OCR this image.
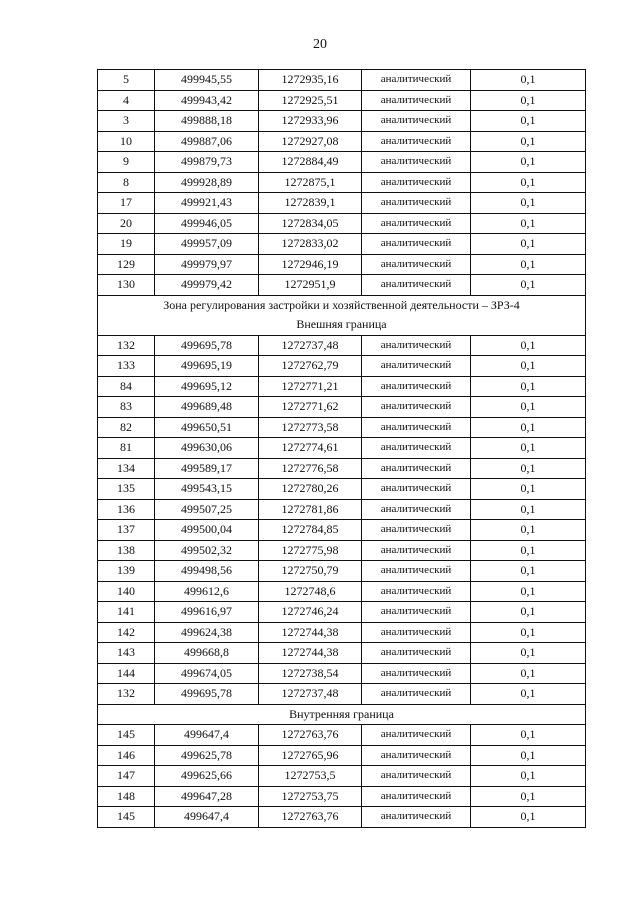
20
5	499945,55	1272935,16	аналитический	0,1
4	499943,42	1272925,51	аналитический	0,1
3	499888,18	1272933,96	аналитический	0,1
10	499887,06	1272927,08	аналитический	0,1
9	499879,73	1272884,49	аналитический	0,1
8	499928,89	1272875,1	аналитический	0,1
17	499921,43	1272839,1	аналитический	0,1
20	499946,05	1272834,05	аналитический	0,1
19	499957,09	1272833,02	аналитический	0,1
129	499979,97	1272946,19	аналитический	0,1
130	499979,42	1272951,9	аналитический	0,1

Зона регулирования застройки и хозяйственной деятельности – ЗРЗ-4
Внешняя граница				

132	499695,78	1272737,48	аналитический	0,1
133	499695,19	1272762,79	аналитический	0,1
84	499695,12	1272771,21	аналитический	0,1
83	499689,48	1272771,62	аналитический	0,1
82	499650,51	1272773,58	аналитический	0,1
81	499630,06	1272774,61	аналитический	0,1
134	499589,17	1272776,58	аналитический	0,1
135	499543,15	1272780,26	аналитический	0,1
136	499507,25	1272781,86	аналитический	0,1
137	499500,04	1272784,85	аналитический	0,1
138	499502,32	1272775,98	аналитический	0,1
139	499498,56	1272750,79	аналитический	0,1
140	499612,6	1272748,6	аналитический	0,1
141	499616,97	1272746,24	аналитический	0,1
142	499624,38	1272744,38	аналитический	0,1
143	499668,8	1272744,38	аналитический	0,1
144	499674,05	1272738,54	аналитический	0,1
132	499695,78	1272737,48	аналитический	0,1

Внутренняя граница				

145	499647,4	1272763,76	аналитический	0,1
146	499625,78	1272765,96	аналитический	0,1
147	499625,66	1272753,5	аналитический	0,1
148	499647,28	1272753,75	аналитический	0,1
145	499647,4	1272763,76	аналитический	0,1
